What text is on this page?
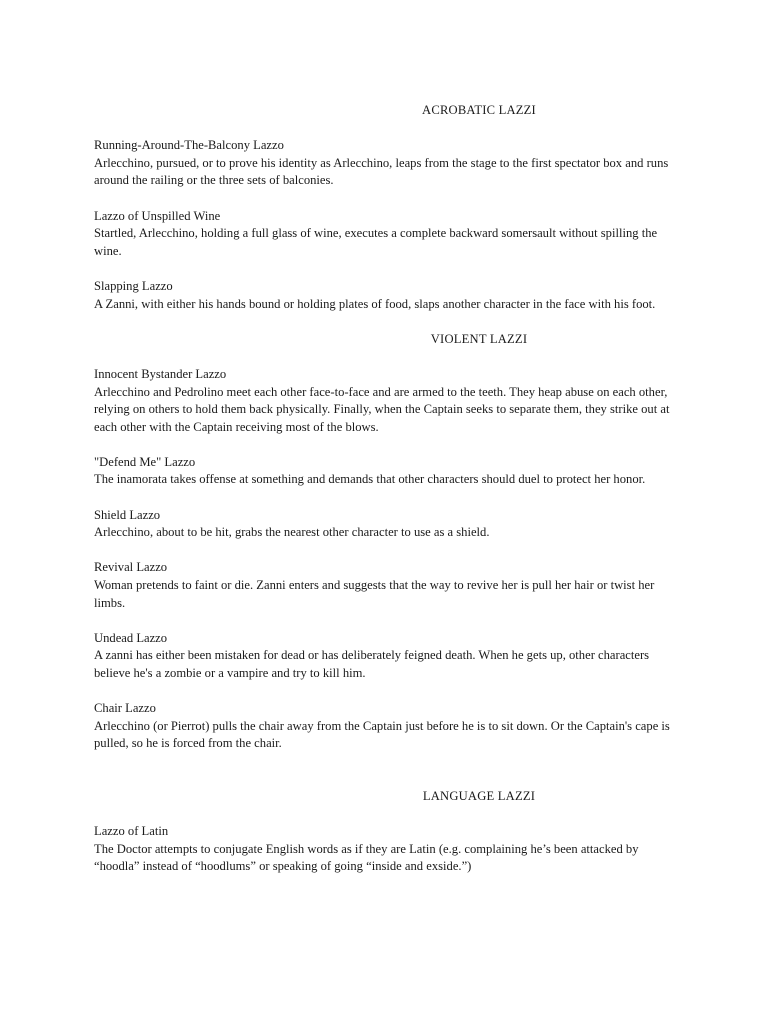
ACROBATIC LAZZI

Running-Around-The-Balcony Lazzo

Arlecchino, pursued, or to prove his identity as Arlecchino, leaps from the stage to the first spectator box and runs around the railing or the three sets of balconies.

Lazzo of Unspilled Wine

Startled, Arlecchino, holding a full glass of wine, executes a complete backward somersault without spilling the wine.

Slapping Lazzo

A Zanni, with either his hands bound or holding plates of food, slaps another character in the face with his foot.

VIOLENT LAZZI

Innocent Bystander Lazzo

Arlecchino and Pedrolino meet each other face-to-face and are armed to the teeth. They heap abuse on each other, relying on others to hold them back physically. Finally, when the Captain seeks to separate them, they strike out at each other with the Captain receiving most of the blows.

"Defend Me" Lazzo

The inamorata takes offense at something and demands that other characters should duel to protect her honor.

Shield Lazzo

Arlecchino, about to be hit, grabs the nearest other character to use as a shield.

Revival Lazzo

Woman pretends to faint or die. Zanni enters and suggests that the way to revive her is pull her hair or twist her limbs.

Undead Lazzo

A zanni has either been mistaken for dead or has deliberately feigned death. When he gets up, other characters believe he's a zombie or a vampire and try to kill him.

Chair Lazzo

Arlecchino (or Pierrot) pulls the chair away from the Captain just before he is to sit down. Or the Captain's cape is pulled, so he is forced from the chair.

LANGUAGE LAZZI

Lazzo of Latin

The Doctor attempts to conjugate English words as if they are Latin (e.g. complaining he’s been attacked by “hoodla” instead of “hoodlums” or speaking of going “inside and exside.”)
